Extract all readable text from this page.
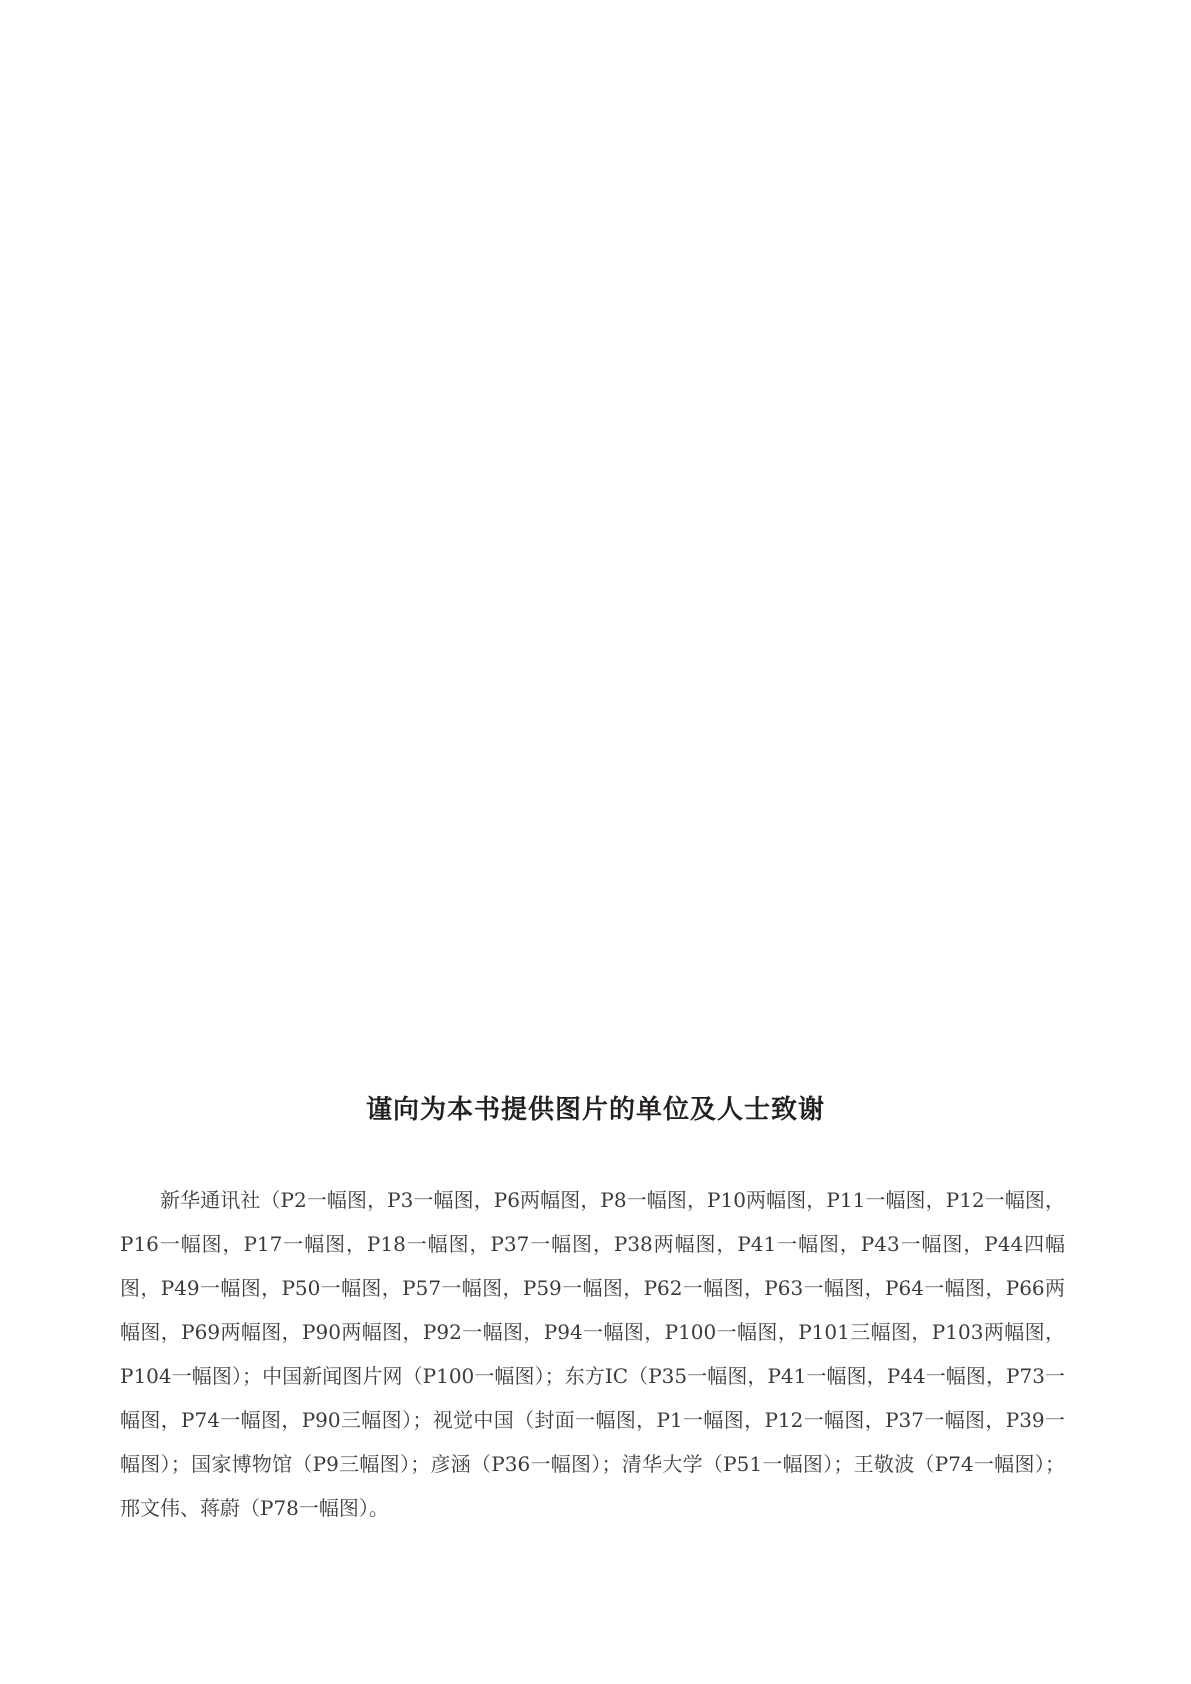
谨向为本书提供图片的单位及人士致谢

新华通讯社（P2一幅图，P3一幅图，P6两幅图，P8一幅图，P10两幅图，P11一幅图，P12一幅图，P16一幅图，P17一幅图，P18一幅图，P37一幅图，P38两幅图，P41一幅图，P43一幅图，P44四幅图，P49一幅图，P50一幅图，P57一幅图，P59一幅图，P62一幅图，P63一幅图，P64一幅图，P66两幅图，P69两幅图，P90两幅图，P92一幅图，P94一幅图，P100一幅图，P101三幅图，P103两幅图，P104一幅图）；中国新闻图片网（P100一幅图）；东方IC（P35一幅图，P41一幅图，P44一幅图，P73一幅图，P74一幅图，P90三幅图）；视觉中国（封面一幅图，P1一幅图，P12一幅图，P37一幅图，P39一幅图）；国家博物馆（P9三幅图）；彦涵（P36一幅图）；清华大学（P51一幅图）；王敬波（P74一幅图）；邢文伟、蒋蔚（P78一幅图）。
